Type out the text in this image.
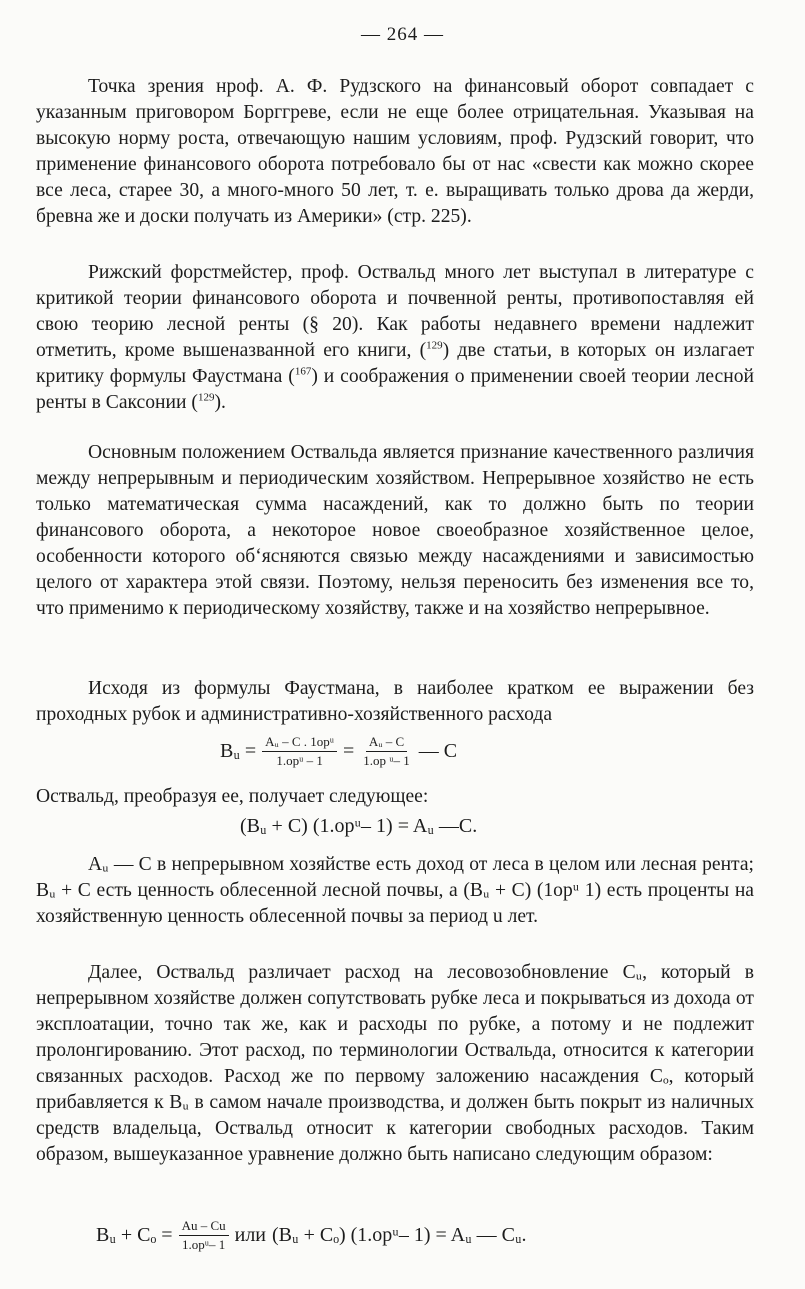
— 264 —

Точка зрения нроф. А. Ф. Рудзского на финансовый оборот совпадает с указанным приговором Борггреве, если не еще более отрицательная. Указывая на высокую норму роста, отвечающую нашим условиям, проф. Рудзский говорит, что применение финансового оборота потребовало бы от нас «свести как можно скорее все леса, старее 30, а много-много 50 лет, т. е. выращивать только дрова да жерди, бревна же и доски получать из Америки» (стр. 225).

Рижский форстмейстер, проф. Оствальд много лет выступал в литературе с критикой теории финансового оборота и почвенной ренты, противопоставляя ей свою теорию лесной ренты (§ 20). Как работы недавнего времени надлежит отметить, кроме вышеназванной его книги, ($^{129}$) две статьи, в которых он излагает критику формулы Фаустмана ($^{167}$) и соображения о применении своей теории лесной ренты в Саксонии ($^{129}$).

Основным положением Оствальда является признание качественного различия между непрерывным и периодическим хозяйством. Непрерывное хозяйство не есть только математическая сумма насаждений, как то должно быть по теории финансового оборота, а некоторое новое своеобразное хозяйственное целое, особенности которого об‘ясняются связью между насаждениями и зависимостью целого от характера этой связи. Поэтому, нельзя переносить без изменения все то, что применимо к периодическому хозяйству, также и на хозяйство непрерывное.

Исходя из формулы Фаустмана, в наиболее кратком ее выражении без проходных рубок и административно-хозяйственного расхода

Bᵤ = $\frac{\text{Aᵤ – C . 1opᵘ}}{\text{1.opᵘ – 1}} = \frac{\text{Aᵤ – C}}{\text{1.op ᵘ– 1}}$ — C

Оствальд, преобразуя ее, получает следующее:

(Bᵤ + C) (1.opᵘ– 1) = Aᵤ —C.

Aᵤ — C в непрерывном хозяйстве есть доход от леса в целом или лесная рента; Bᵤ + C есть ценность облесенной лесной почвы, а (Bᵤ + C) (1opᵘ 1) есть проценты на хозяйственную ценность облесенной почвы за период u лет.

Далее, Оствальд различает расход на лесовозобновление Cᵤ, который в непрерывном хозяйстве должен сопутствовать рубке леса и покрываться из дохода от эксплоатации, точно так же, как и расходы по рубке, а потому и не подлежит пролонгированию. Этот расход, по терминологии Оствальда, относится к категории связанных расходов. Расход же по первому заложению насаждения Cₒ, который прибавляется к Bᵤ в самом начале производства, и должен быть покрыт из наличных средств владельца, Оствальд относит к категории свободных расходов. Таким образом, вышеуказанное уравнение должно быть написано следующим образом:

Bᵤ + $C_o = \frac{Au - Cu}{\text{1.opᵘ– 1}}$ или (Bᵤ + Cₒ) (1.opᵘ– 1) = Aᵤ — Cᵤ.
